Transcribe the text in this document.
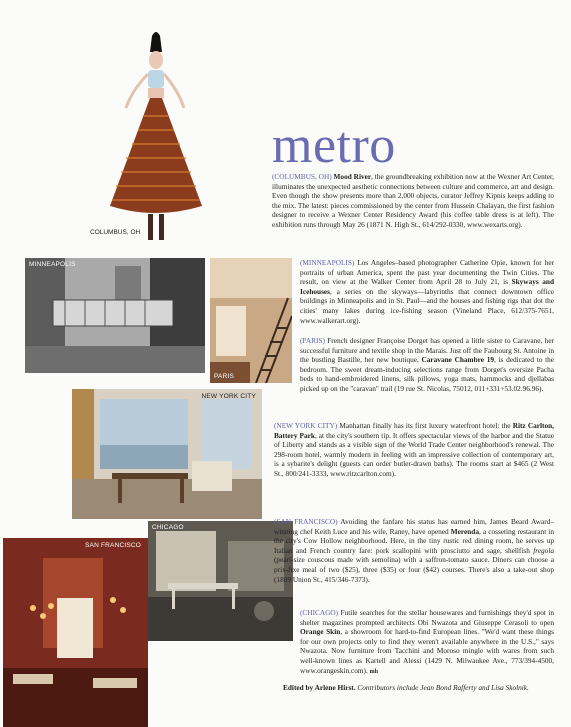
COLUMBUS, OH
metro
(COLUMBUS, OH) Mood River, the groundbreaking exhibition now at the Wexner Art Center, illuminates the unexpected aesthetic connections between culture and commerce, art and design. Even though the show presents more than 2,000 objects, curator Jeffrey Kipnis keeps adding to the mix. The latest: pieces commissioned by the center from Hussein Chalayan, the first fashion designer to receive a Wexner Center Residency Award (his coffee table dress is at left). The exhibition runs through May 26 (1871 N. High St., 614/292-0330, www.wexarts.org).
MINNEAPOLIS
PARIS
(MINNEAPOLIS) Los Angeles–based photographer Catherine Opie, known for her portraits of urban America, spent the past year documenting the Twin Cities. The result, on view at the Walker Center from April 28 to July 21, is Skyways and Icehouses, a series on the skyways—labyrinths that connect downtown office buildings in Minneapolis and in St. Paul—and the houses and fishing rigs that dot the cities' many lakes during ice-fishing season (Vineland Place, 612/375-7651, www.walkerart.org).
(PARIS) French designer Françoise Dorget has opened a little sister to Caravane, her successful furniture and textile shop in the Marais. Just off the Faubourg St. Antoine in the bustling Bastille, her new boutique, Caravane Chambre 19, is dedicated to the bedroom. The sweet dream-inducing selections range from Dorget's oversize Pacha beds to hand-embroidered linens, silk pillows, yoga mats, hammocks and djellabas picked up on the "caravan" trail (19 rue St. Nicolas, 75012, 011+331+53.02.96.96).
NEW YORK CITY
(NEW YORK CITY) Manhattan finally has its first luxury waterfront hotel: the Ritz Carlton, Battery Park, at the city's southern tip. It offers spectacular views of the harbor and the Statue of Liberty and stands as a visible sign of the World Trade Center neighborhood's renewal. The 298-room hotel, warmly modern in feeling with an impressive collection of contemporary art, is a sybarite's delight (guests can order butler-drawn baths). The rooms start at $465 (2 West St., 800/241-3333, www.ritzcarlton.com).
SAN FRANCISCO
CHICAGO
(SAN FRANCISCO) Avoiding the fanfare his status has earned him, James Beard Award–winning chef Keith Luce and his wife, Raney, have opened Merenda, a cosseting restaurant in the city's Cow Hollow neighborhood. Here, in the tiny rustic red dining room, he serves up Italian and French country fare: pork scallopini with prosciutto and sage, shellfish fregola (pearl-size couscous made with semolina) with a saffron-tomato sauce. Diners can choose a prix-fixe meal of two ($25), three ($35) or four ($42) courses. There's also a take-out shop (1809 Union St., 415/346-7373).
(CHICAGO) Futile searches for the stellar housewares and furnishings they'd spot in shelter magazines prompted architects Obi Nwazota and Giuseppe Cerasoli to open Orange Skin, a showroom for hard-to-find European lines. "We'd want these things for our own projects only to find they weren't available anywhere in the U.S.," says Nwazota. Now furniture from Tacchini and Moroso mingle with wares from such well-known lines as Kartell and Alessi (1429 N. Milwaukee Ave., 773/394-4500, www.orangeskin.com). mh
Edited by Arlene Hirst. Contributors include Jean Bond Rafferty and Lisa Skolnik.
